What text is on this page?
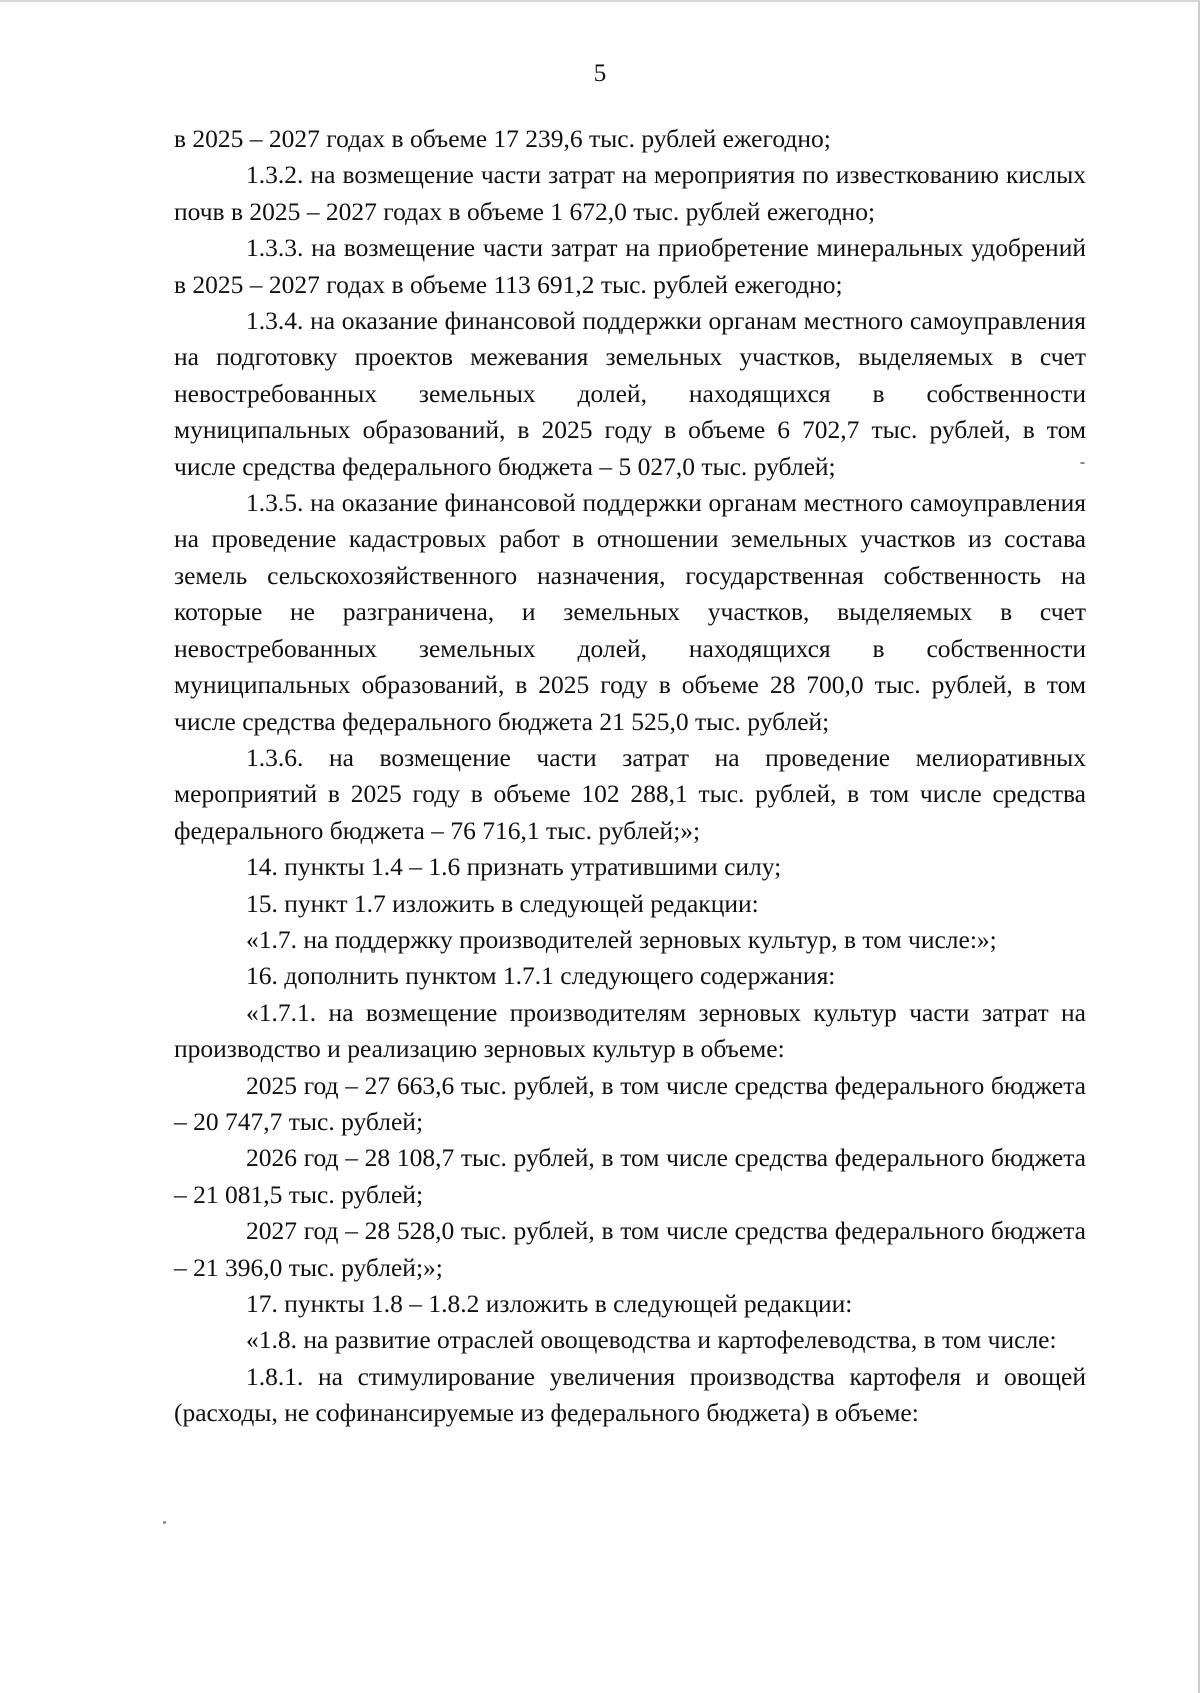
5

в 2025 – 2027 годах в объеме 17 239,6 тыс. рублей ежегодно;

1.3.2. на возмещение части затрат на мероприятия по известкованию кислых почв в 2025 – 2027 годах в объеме 1 672,0 тыс. рублей ежегодно;

1.3.3. на возмещение части затрат на приобретение минеральных удобрений в 2025 – 2027 годах в объеме 113 691,2 тыс. рублей ежегодно;

1.3.4. на оказание финансовой поддержки органам местного самоуправления на подготовку проектов межевания земельных участков, выделяемых в счет невостребованных земельных долей, находящихся в собственности муниципальных образований, в 2025 году в объеме 6 702,7 тыс. рублей, в том числе средства федерального бюджета – 5 027,0 тыс. рублей;

1.3.5. на оказание финансовой поддержки органам местного самоуправления на проведение кадастровых работ в отношении земельных участков из состава земель сельскохозяйственного назначения, государственная собственность на которые не разграничена, и земельных участков, выделяемых в счет невостребованных земельных долей, находящихся в собственности муниципальных образований, в 2025 году в объеме 28 700,0 тыс. рублей, в том числе средства федерального бюджета 21 525,0 тыс. рублей;

1.3.6. на возмещение части затрат на проведение мелиоративных мероприятий в 2025 году в объеме 102 288,1 тыс. рублей, в том числе средства федерального бюджета – 76 716,1 тыс. рублей;»;

14. пункты 1.4 – 1.6 признать утратившими силу;

15. пункт 1.7 изложить в следующей редакции:

«1.7. на поддержку производителей зерновых культур, в том числе:»;

16. дополнить пунктом 1.7.1 следующего содержания:

«1.7.1. на возмещение производителям зерновых культур части затрат на производство и реализацию зерновых культур в объеме:

2025 год – 27 663,6 тыс. рублей, в том числе средства федерального бюджета – 20 747,7 тыс. рублей;

2026 год – 28 108,7 тыс. рублей, в том числе средства федерального бюджета – 21 081,5 тыс. рублей;

2027 год – 28 528,0 тыс. рублей, в том числе средства федерального бюджета – 21 396,0 тыс. рублей;»;

17. пункты 1.8 – 1.8.2 изложить в следующей редакции:

«1.8. на развитие отраслей овощеводства и картофелеводства, в том числе:

1.8.1. на стимулирование увеличения производства картофеля и овощей (расходы, не софинансируемые из федерального бюджета) в объеме:
